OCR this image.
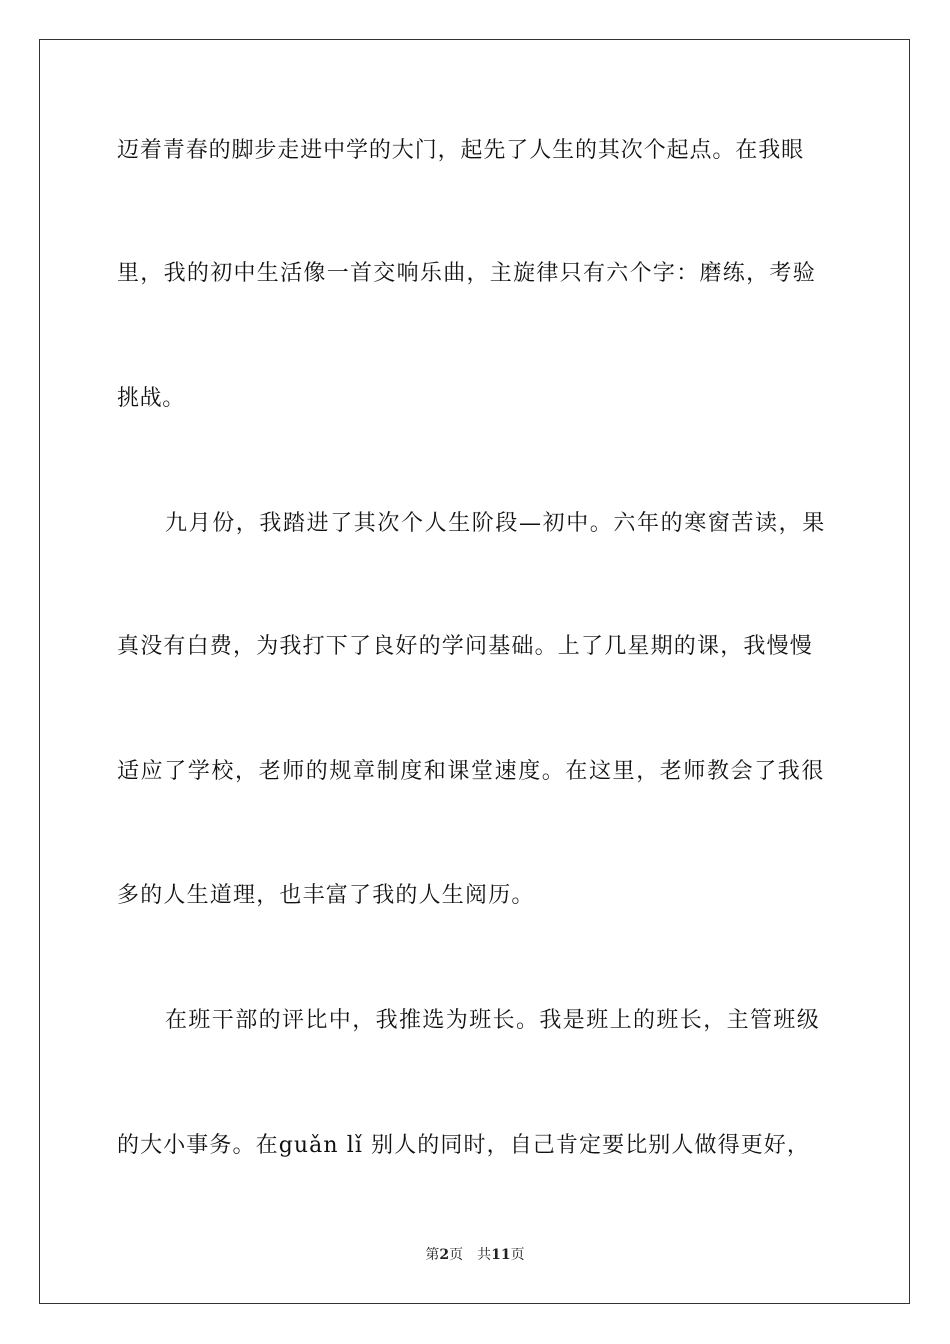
迈着青春的脚步走进中学的大门，起先了人生的其次个起点。在我眼
里，我的初中生活像一首交响乐曲，主旋律只有六个字：磨练，考验
挑战。
九月份，我踏进了其次个人生阶段—初中。六年的寒窗苦读，果
真没有白费，为我打下了良好的学问基础。上了几星期的课，我慢慢
适应了学校，老师的规章制度和课堂速度。在这里，老师教会了我很
多的人生道理，也丰富了我的人生阅历。
在班干部的评比中，我推选为班长。我是班上的班长，主管班级
的大小事务。在guǎn lǐ 别人的同时，自己肯定要比别人做得更好，
第2页 共11页
